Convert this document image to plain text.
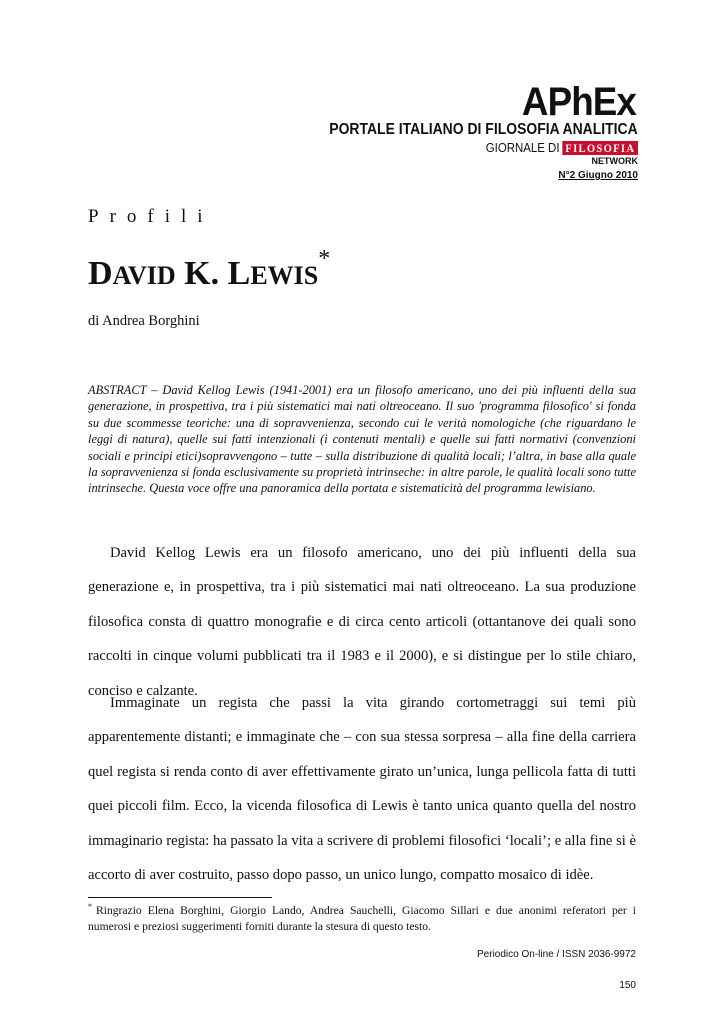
APhEx
PORTALE ITALIANO DI FILOSOFIA ANALITICA
GIORNALE DI FILOSOFIA
NETWORK
N°2 Giugno 2010
Profili
DAVID K. LEWIS*
di Andrea Borghini
ABSTRACT – David Kellog Lewis (1941-2001) era un filosofo americano, uno dei più influenti della sua generazione, in prospettiva, tra i più sistematici mai nati oltreoceano. Il suo 'programma filosofico' si fonda su due scommesse teoriche: una di sopravvenienza, secondo cui le verità nomologiche (che riguardano le leggi di natura), quelle sui fatti intenzionali (i contenuti mentali) e quelle sui fatti normativi (convenzioni sociali e principi etici)sopravvengono – tutte – sulla distribuzione di qualità locali; l’altra, in base alla quale la sopravvenienza si fonda esclusivamente su proprietà intrinseche: in altre parole, le qualità locali sono tutte intrinseche. Questa voce offre una panoramica della portata e sistematicità del programma lewisiano.
David Kellog Lewis era un filosofo americano, uno dei più influenti della sua generazione e, in prospettiva, tra i più sistematici mai nati oltreoceano. La sua produzione filosofica consta di quattro monografie e di circa cento articoli (ottantanove dei quali sono raccolti in cinque volumi pubblicati tra il 1983 e il 2000), e si distingue per lo stile chiaro, conciso e calzante.
Immaginate un regista che passi la vita girando cortometraggi sui temi più apparentemente distanti; e immaginate che – con sua stessa sorpresa – alla fine della carriera quel regista si renda conto di aver effettivamente girato un’unica, lunga pellicola fatta di tutti quei piccoli film. Ecco, la vicenda filosofica di Lewis è tanto unica quanto quella del nostro immaginario regista: ha passato la vita a scrivere di problemi filosofici ‘locali’; e alla fine si è accorto di aver costruito, passo dopo passo, un unico lungo, compatto mosaico di idèe.
* Ringrazio Elena Borghini, Giorgio Lando, Andrea Sauchelli, Giacomo Sillari e due anonimi referatori per i numerosi e preziosi suggerimenti forniti durante la stesura di questo testo.
Periodico On-line / ISSN 2036-9972
150
